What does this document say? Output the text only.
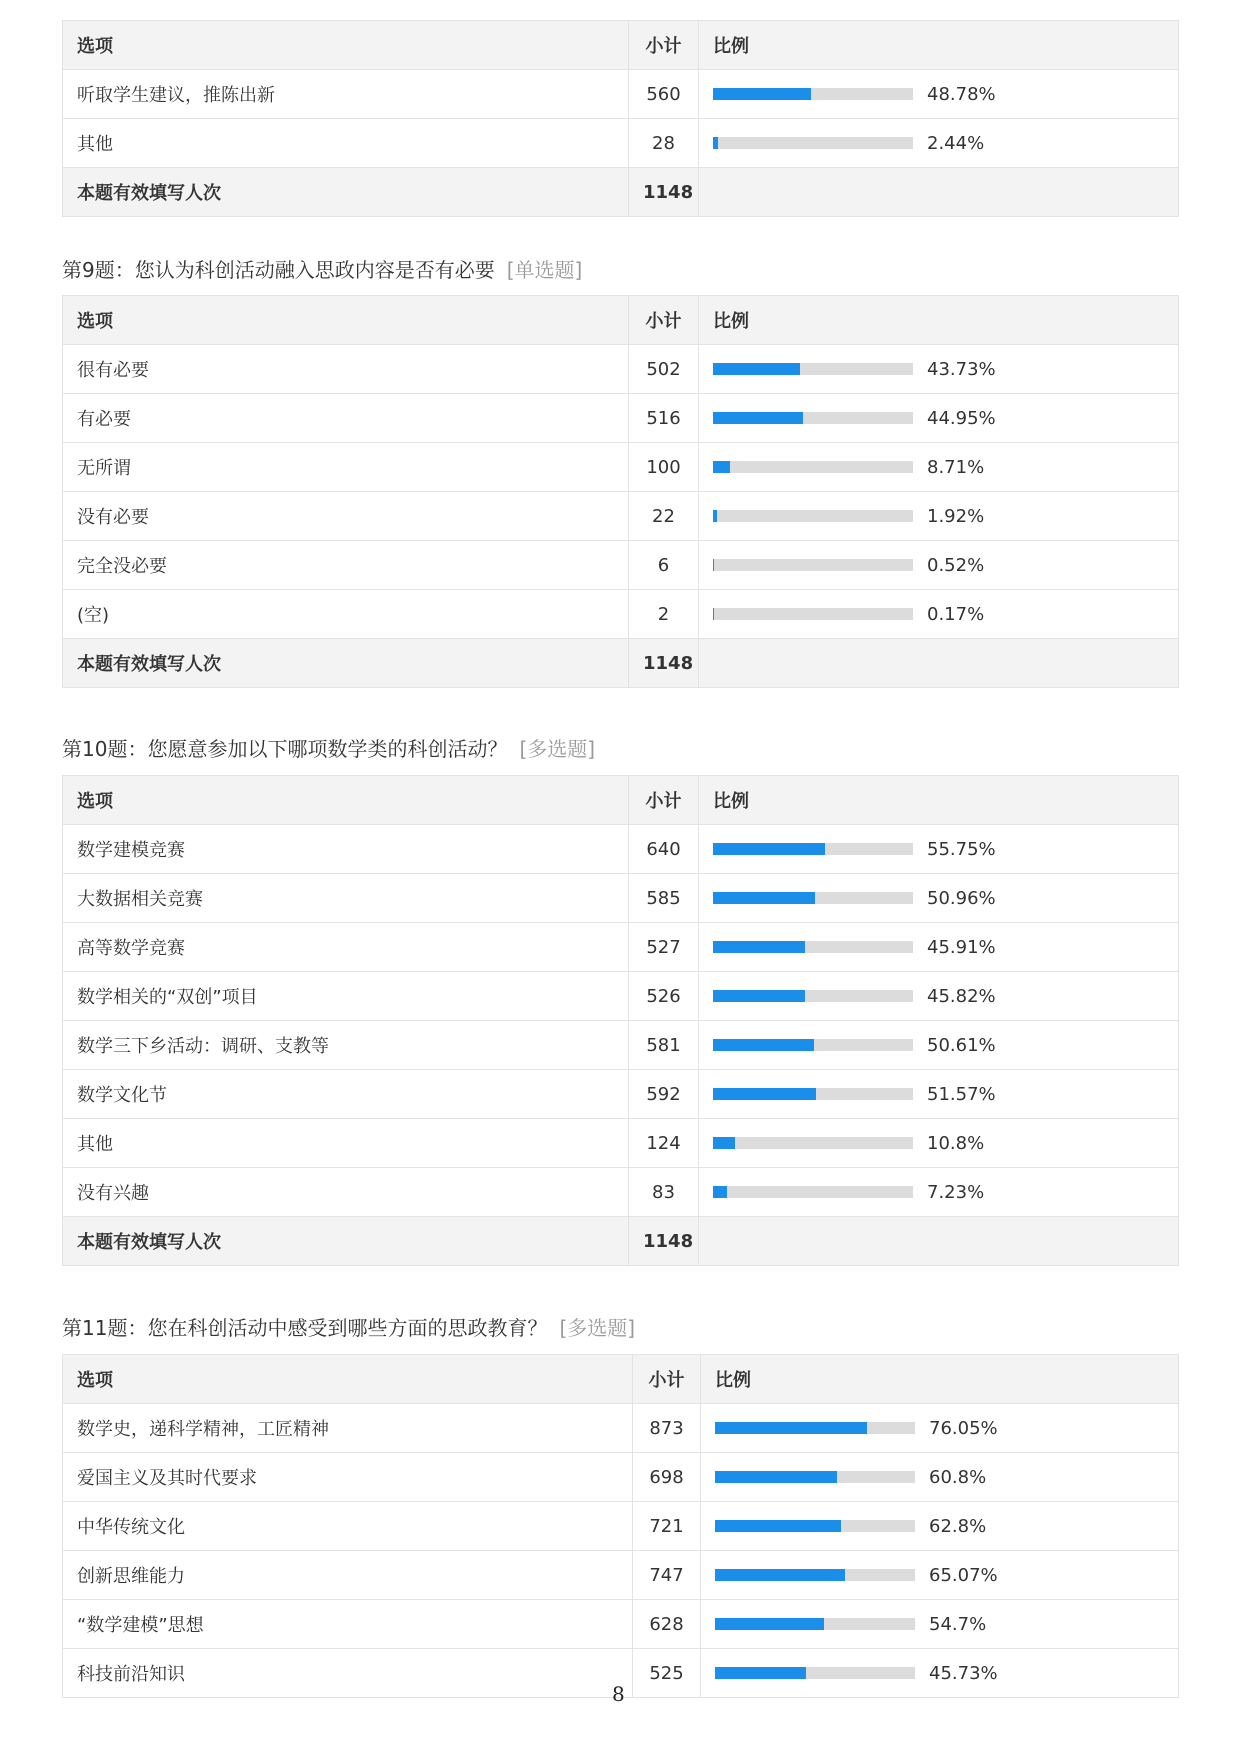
选项	小计	比例
听取学生建议，推陈出新	560	48.78%

其他	28	2.44%

本题有效填写人次	1148	
第9题：您认为科创活动融入思政内容是否有必要 [单选题]
选项	小计	比例
很有必要	502	43.73%

有必要	516	44.95%

无所谓	100	8.71%

没有必要	22	1.92%

完全没必要	6	0.52%

(空)	2	0.17%

本题有效填写人次	1148	
第10题：您愿意参加以下哪项数学类的科创活动？ [多选题]
选项	小计	比例
数学建模竞赛	640	55.75%

大数据相关竞赛	585	50.96%

高等数学竞赛	527	45.91%

数学相关的“双创”项目	526	45.82%

数学三下乡活动：调研、支教等	581	50.61%

数学文化节	592	51.57%

其他	124	10.8%

没有兴趣	83	7.23%

本题有效填写人次	1148	
第11题：您在科创活动中感受到哪些方面的思政教育？ [多选题]
选项	小计	比例
数学史，递科学精神，工匠精神	873	76.05%

爱国主义及其时代要求	698	60.8%

中华传统文化	721	62.8%

创新思维能力	747	65.07%

“数学建模”思想	628	54.7%

科技前沿知识	525	45.73%
8
